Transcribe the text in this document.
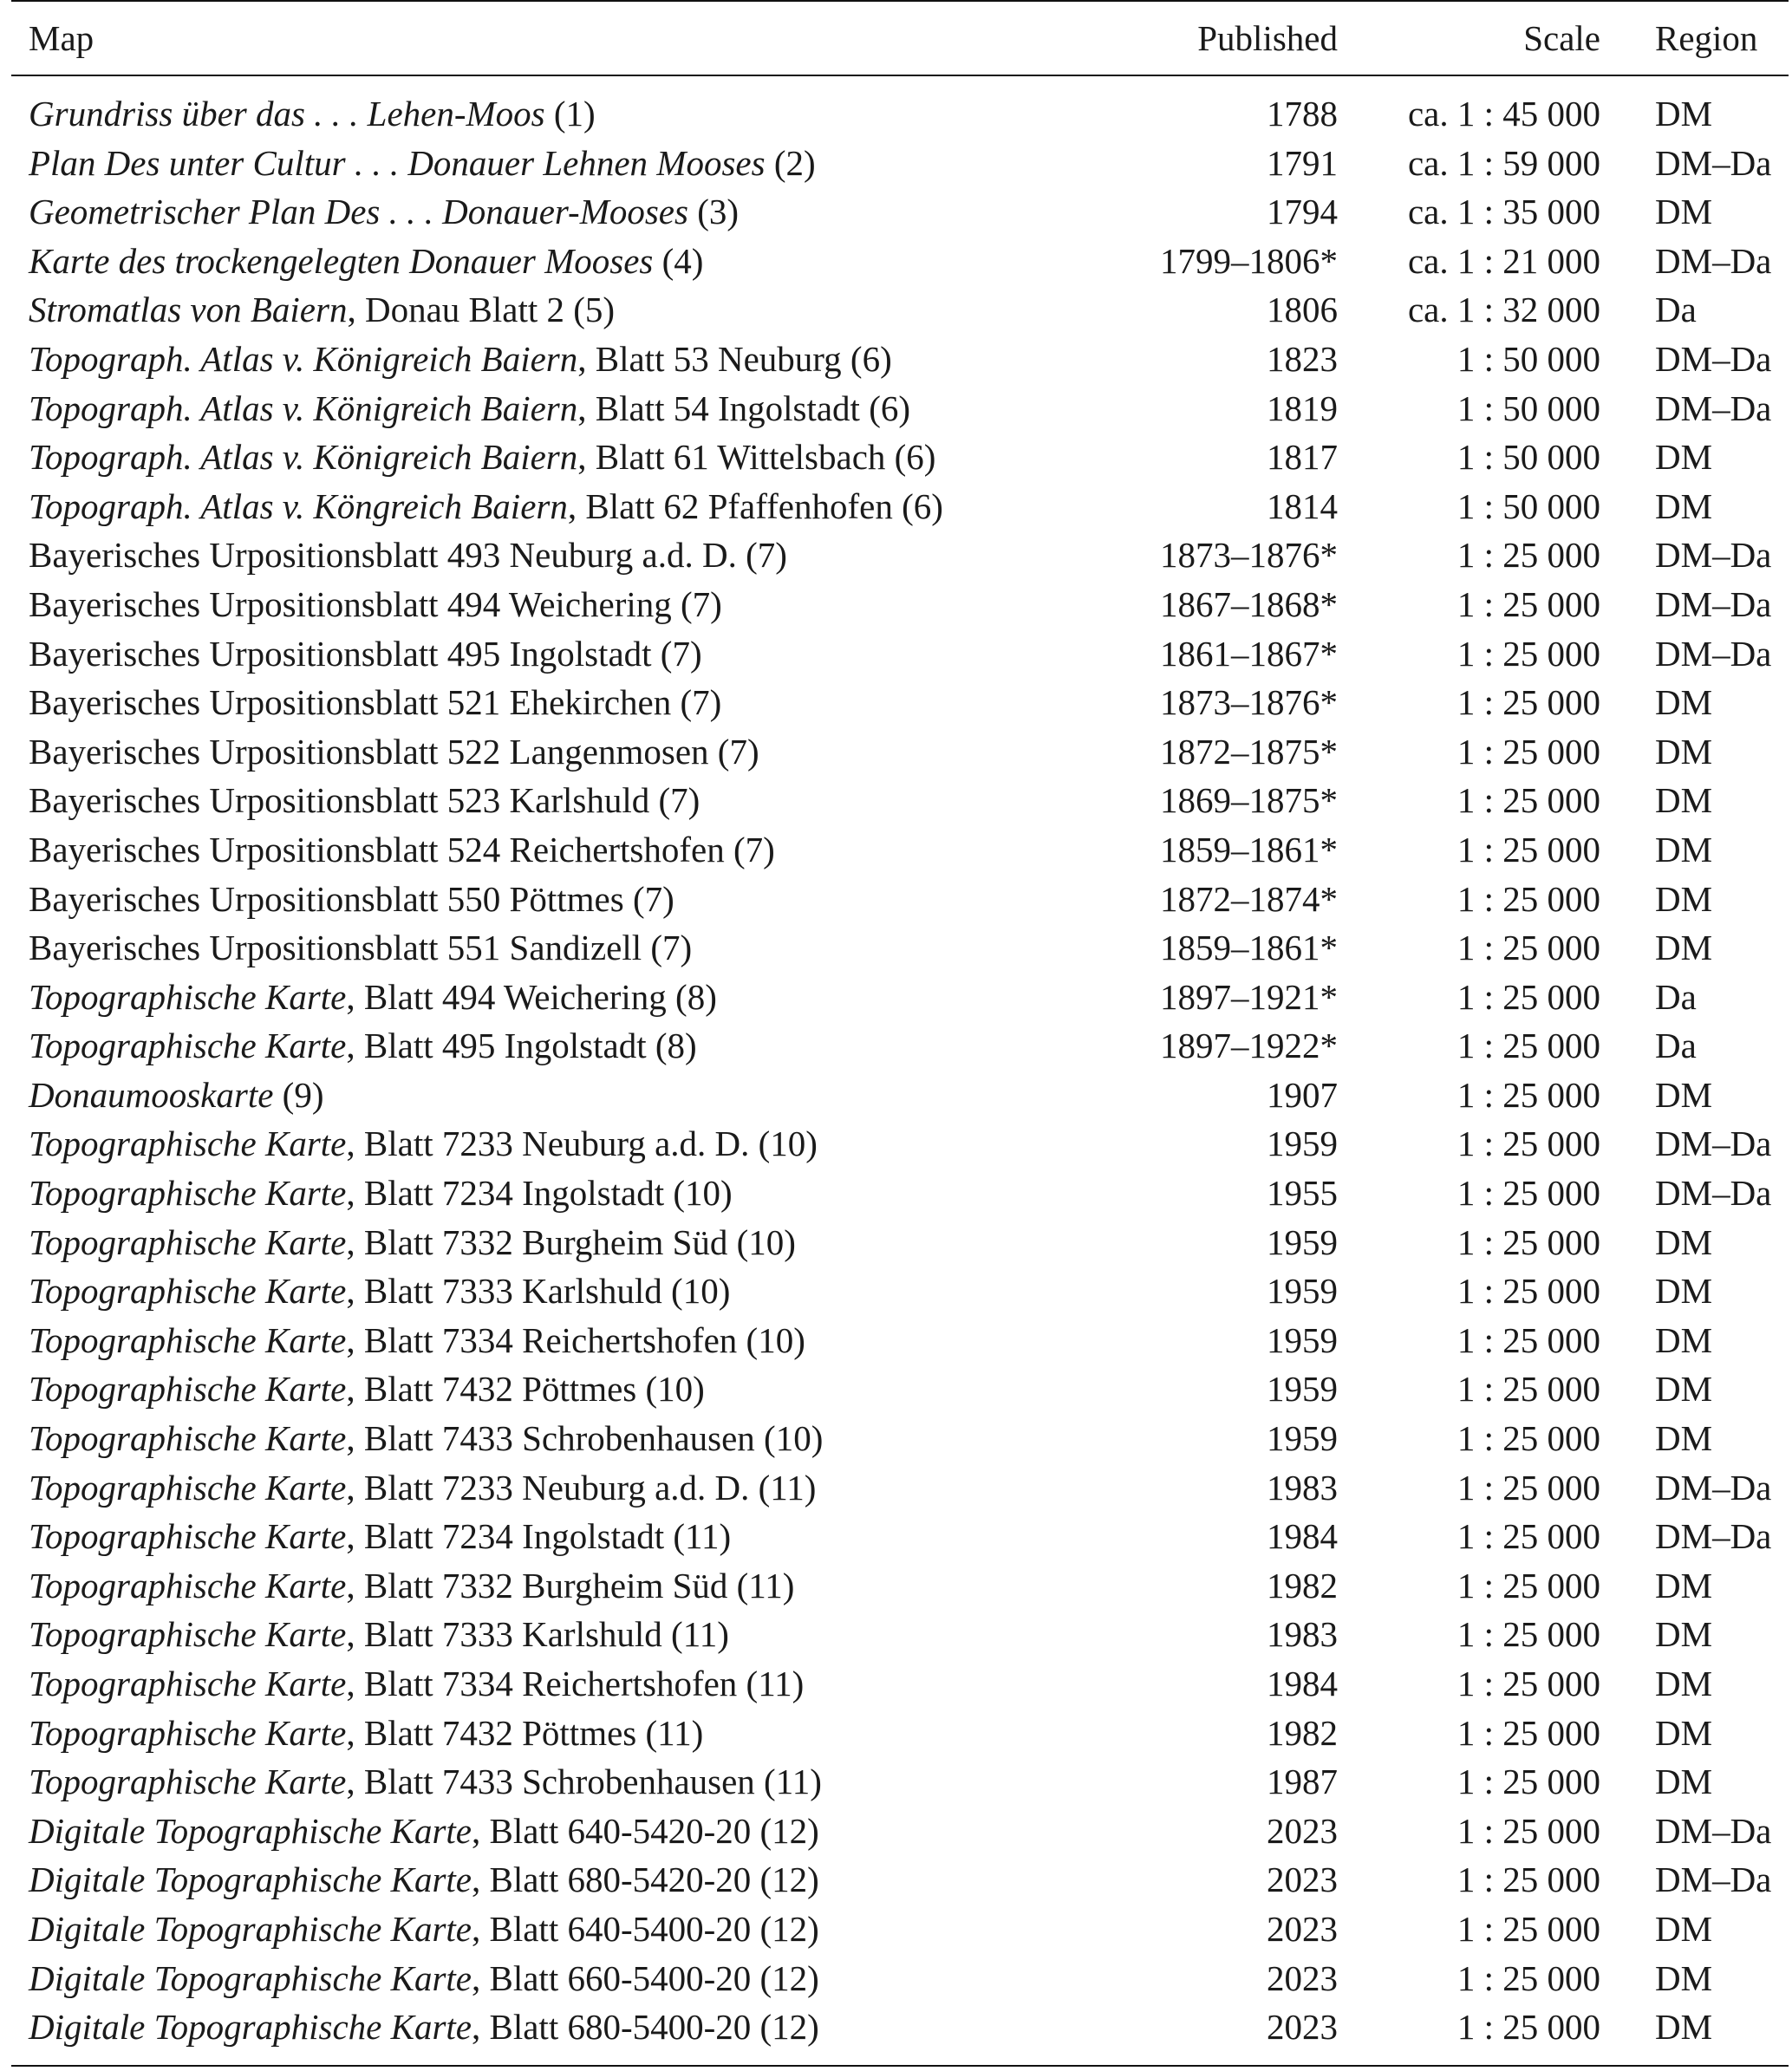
Map	Published	Scale	Region
Grundriss über das . . . Lehen-Moos (1)	1788	ca. 1 : 45 000	DM
Plan Des unter Cultur . . . Donauer Lehnen Mooses (2)	1791	ca. 1 : 59 000	DM–Da
Geometrischer Plan Des . . . Donauer-Mooses (3)	1794	ca. 1 : 35 000	DM
Karte des trockengelegten Donauer Mooses (4)	1799–1806*	ca. 1 : 21 000	DM–Da
Stromatlas von Baiern, Donau Blatt 2 (5)	1806	ca. 1 : 32 000	Da
Topograph. Atlas v. Königreich Baiern, Blatt 53 Neuburg (6)	1823	1 : 50 000	DM–Da
Topograph. Atlas v. Königreich Baiern, Blatt 54 Ingolstadt (6)	1819	1 : 50 000	DM–Da
Topograph. Atlas v. Königreich Baiern, Blatt 61 Wittelsbach (6)	1817	1 : 50 000	DM
Topograph. Atlas v. Köngreich Baiern, Blatt 62 Pfaffenhofen (6)	1814	1 : 50 000	DM
Bayerisches Urpositionsblatt 493 Neuburg a.d. D. (7)	1873–1876*	1 : 25 000	DM–Da
Bayerisches Urpositionsblatt 494 Weichering (7)	1867–1868*	1 : 25 000	DM–Da
Bayerisches Urpositionsblatt 495 Ingolstadt (7)	1861–1867*	1 : 25 000	DM–Da
Bayerisches Urpositionsblatt 521 Ehekirchen (7)	1873–1876*	1 : 25 000	DM
Bayerisches Urpositionsblatt 522 Langenmosen (7)	1872–1875*	1 : 25 000	DM
Bayerisches Urpositionsblatt 523 Karlshuld (7)	1869–1875*	1 : 25 000	DM
Bayerisches Urpositionsblatt 524 Reichertshofen (7)	1859–1861*	1 : 25 000	DM
Bayerisches Urpositionsblatt 550 Pöttmes (7)	1872–1874*	1 : 25 000	DM
Bayerisches Urpositionsblatt 551 Sandizell (7)	1859–1861*	1 : 25 000	DM
Topographische Karte, Blatt 494 Weichering (8)	1897–1921*	1 : 25 000	Da
Topographische Karte, Blatt 495 Ingolstadt (8)	1897–1922*	1 : 25 000	Da
Donaumooskarte (9)	1907	1 : 25 000	DM
Topographische Karte, Blatt 7233 Neuburg a.d. D. (10)	1959	1 : 25 000	DM–Da
Topographische Karte, Blatt 7234 Ingolstadt (10)	1955	1 : 25 000	DM–Da
Topographische Karte, Blatt 7332 Burgheim Süd (10)	1959	1 : 25 000	DM
Topographische Karte, Blatt 7333 Karlshuld (10)	1959	1 : 25 000	DM
Topographische Karte, Blatt 7334 Reichertshofen (10)	1959	1 : 25 000	DM
Topographische Karte, Blatt 7432 Pöttmes (10)	1959	1 : 25 000	DM
Topographische Karte, Blatt 7433 Schrobenhausen (10)	1959	1 : 25 000	DM
Topographische Karte, Blatt 7233 Neuburg a.d. D. (11)	1983	1 : 25 000	DM–Da
Topographische Karte, Blatt 7234 Ingolstadt (11)	1984	1 : 25 000	DM–Da
Topographische Karte, Blatt 7332 Burgheim Süd (11)	1982	1 : 25 000	DM
Topographische Karte, Blatt 7333 Karlshuld (11)	1983	1 : 25 000	DM
Topographische Karte, Blatt 7334 Reichertshofen (11)	1984	1 : 25 000	DM
Topographische Karte, Blatt 7432 Pöttmes (11)	1982	1 : 25 000	DM
Topographische Karte, Blatt 7433 Schrobenhausen (11)	1987	1 : 25 000	DM
Digitale Topographische Karte, Blatt 640-5420-20 (12)	2023	1 : 25 000	DM–Da
Digitale Topographische Karte, Blatt 680-5420-20 (12)	2023	1 : 25 000	DM–Da
Digitale Topographische Karte, Blatt 640-5400-20 (12)	2023	1 : 25 000	DM
Digitale Topographische Karte, Blatt 660-5400-20 (12)	2023	1 : 25 000	DM
Digitale Topographische Karte, Blatt 680-5400-20 (12)	2023	1 : 25 000	DM
